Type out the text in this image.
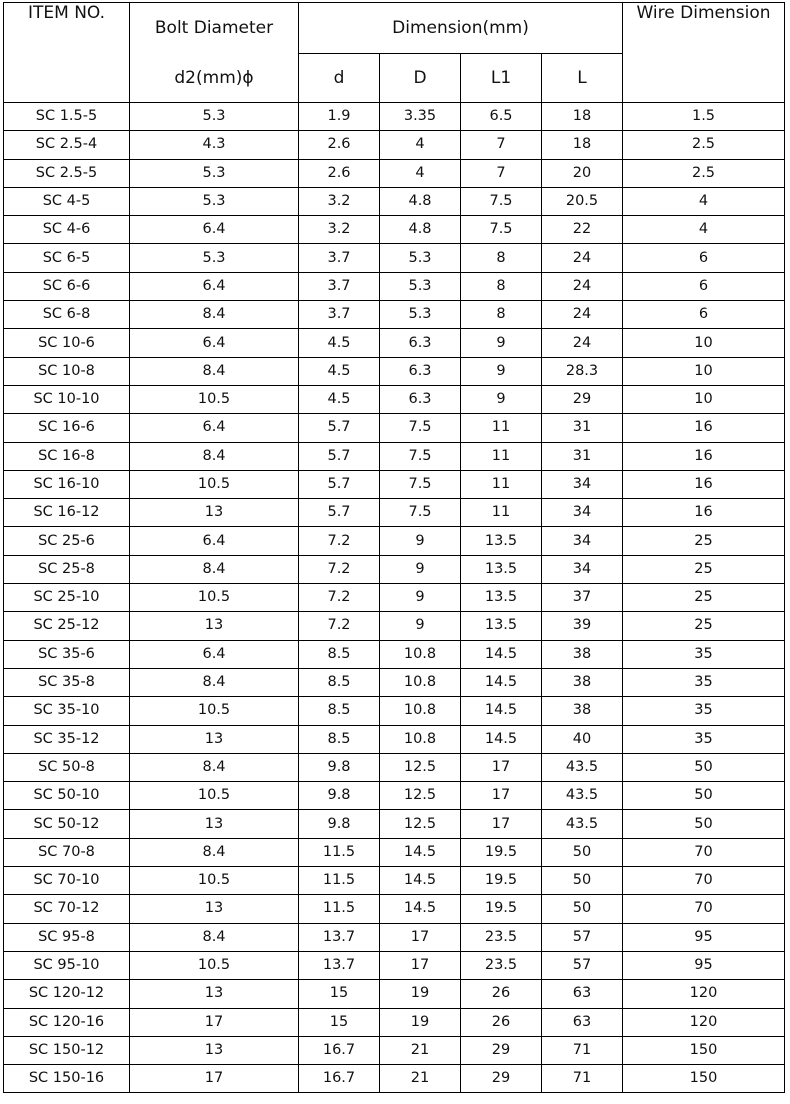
ITEM NO.	Bolt Diameter	Dimension(mm)				Wire Dimension
	d2(mm)ϕ	d	D	L1	L	
SC 1.5-5	5.3	1.9	3.35	6.5	18	1.5
SC 2.5-4	4.3	2.6	4	7	18	2.5
SC 2.5-5	5.3	2.6	4	7	20	2.5
SC 4-5	5.3	3.2	4.8	7.5	20.5	4
SC 4-6	6.4	3.2	4.8	7.5	22	4
SC 6-5	5.3	3.7	5.3	8	24	6
SC 6-6	6.4	3.7	5.3	8	24	6
SC 6-8	8.4	3.7	5.3	8	24	6
SC 10-6	6.4	4.5	6.3	9	24	10
SC 10-8	8.4	4.5	6.3	9	28.3	10
SC 10-10	10.5	4.5	6.3	9	29	10
SC 16-6	6.4	5.7	7.5	11	31	16
SC 16-8	8.4	5.7	7.5	11	31	16
SC 16-10	10.5	5.7	7.5	11	34	16
SC 16-12	13	5.7	7.5	11	34	16
SC 25-6	6.4	7.2	9	13.5	34	25
SC 25-8	8.4	7.2	9	13.5	34	25
SC 25-10	10.5	7.2	9	13.5	37	25
SC 25-12	13	7.2	9	13.5	39	25
SC 35-6	6.4	8.5	10.8	14.5	38	35
SC 35-8	8.4	8.5	10.8	14.5	38	35
SC 35-10	10.5	8.5	10.8	14.5	38	35
SC 35-12	13	8.5	10.8	14.5	40	35
SC 50-8	8.4	9.8	12.5	17	43.5	50
SC 50-10	10.5	9.8	12.5	17	43.5	50
SC 50-12	13	9.8	12.5	17	43.5	50
SC 70-8	8.4	11.5	14.5	19.5	50	70
SC 70-10	10.5	11.5	14.5	19.5	50	70
SC 70-12	13	11.5	14.5	19.5	50	70
SC 95-8	8.4	13.7	17	23.5	57	95
SC 95-10	10.5	13.7	17	23.5	57	95
SC 120-12	13	15	19	26	63	120
SC 120-16	17	15	19	26	63	120
SC 150-12	13	16.7	21	29	71	150
SC 150-16	17	16.7	21	29	71	150
